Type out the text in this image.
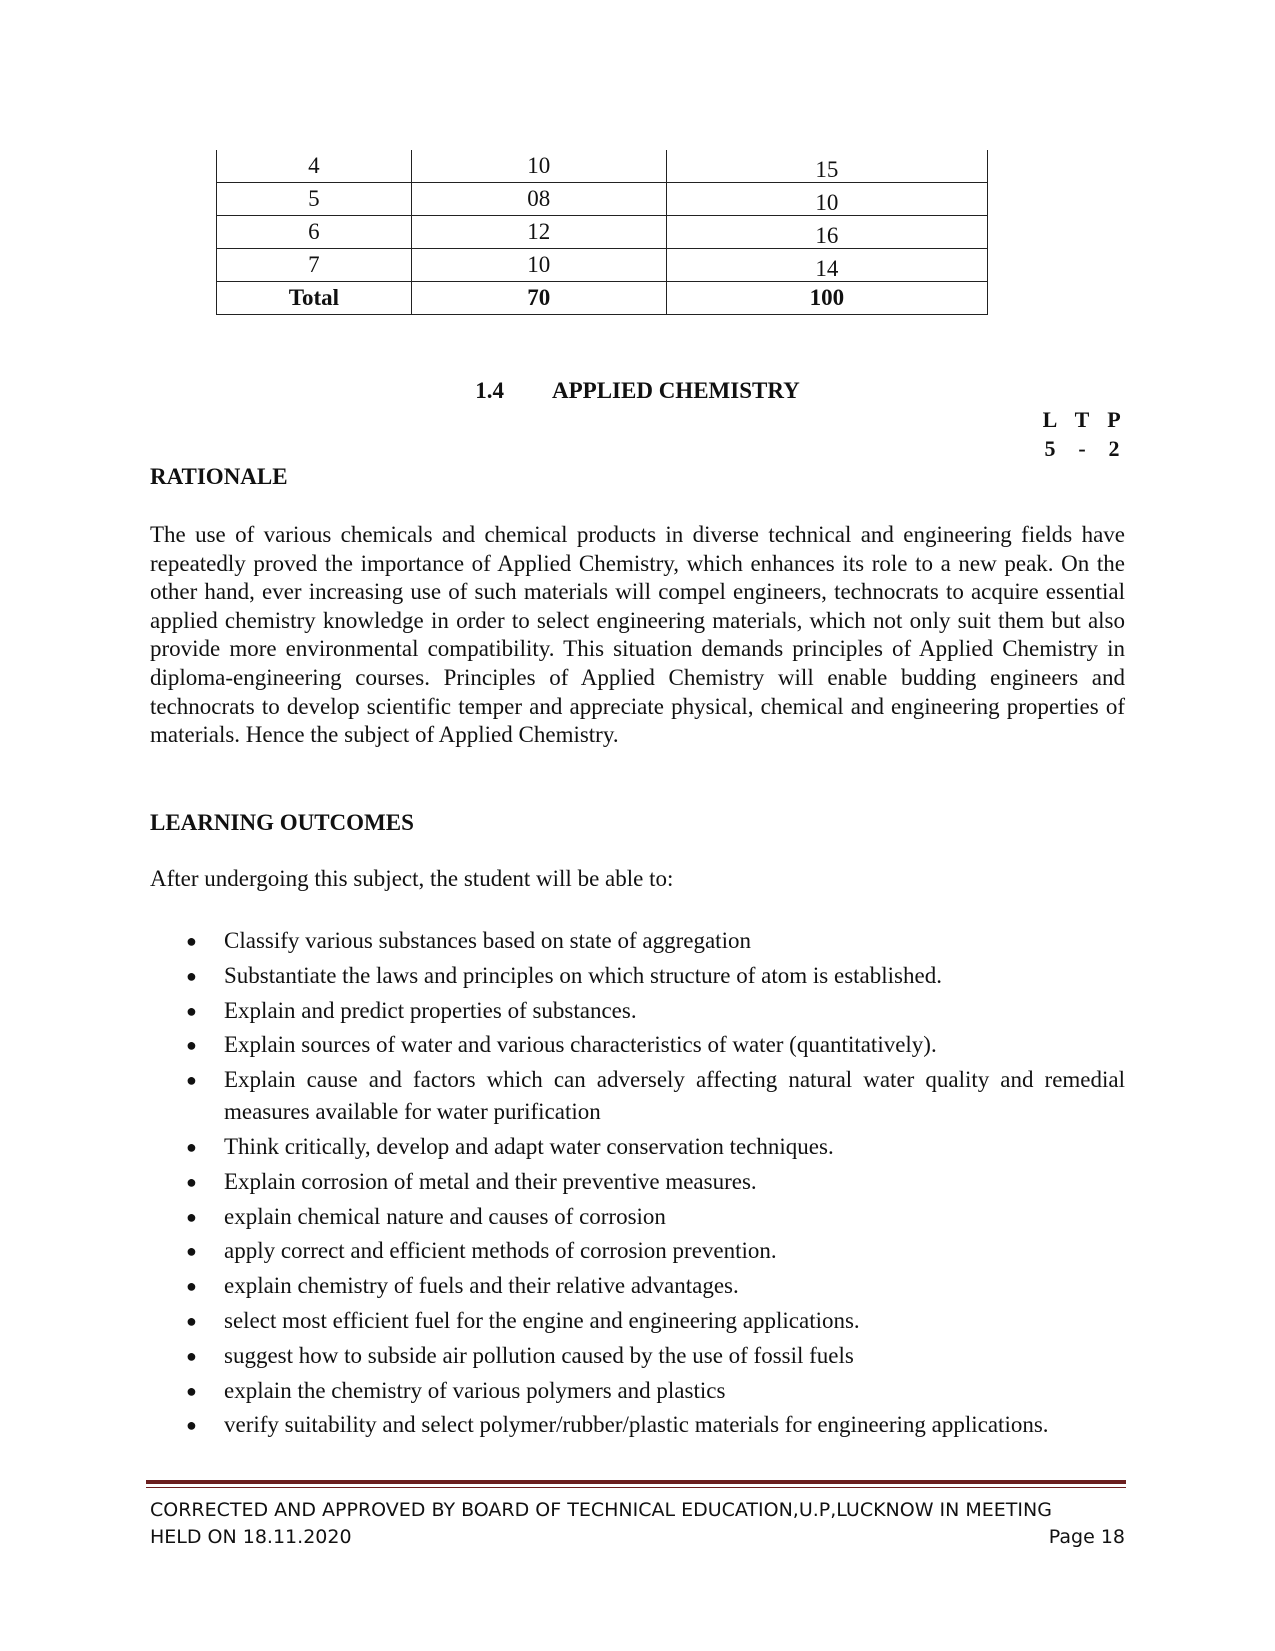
4	10	15
5	08	10
6	12	16
7	10	14
Total	70	100
1.4 APPLIED CHEMISTRY
L T P
5	-	2
RATIONALE

The use of various chemicals and chemical products in diverse technical and engineering fields have repeatedly proved the importance of Applied Chemistry, which enhances its role to a new peak. On the other hand, ever increasing use of such materials will compel engineers, technocrats to acquire essential applied chemistry knowledge in order to select engineering materials, which not only suit them but also provide more environmental compatibility. This situation demands principles of Applied Chemistry in diploma-engineering courses. Principles of Applied Chemistry will enable budding engineers and technocrats to develop scientific temper and appreciate physical, chemical and engineering properties of materials. Hence the subject of Applied Chemistry.

LEARNING OUTCOMES
After undergoing this subject, the student will be able to:
● Classify various substances based on state of aggregation
● Substantiate the laws and principles on which structure of atom is established.
● Explain and predict properties of substances.
● Explain sources of water and various characteristics of water (quantitatively).
● Explain cause and factors which can adversely affecting natural water quality and remedial measures available for water purification
● Think critically, develop and adapt water conservation techniques.
● Explain corrosion of metal and their preventive measures.
● explain chemical nature and causes of corrosion
● apply correct and efficient methods of corrosion prevention.
● explain chemistry of fuels and their relative advantages.
● select most efficient fuel for the engine and engineering applications.
● suggest how to subside air pollution caused by the use of fossil fuels
● explain the chemistry of various polymers and plastics
● verify suitability and select polymer/rubber/plastic materials for engineering applications.
CORRECTED AND APPROVED BY BOARD OF TECHNICAL EDUCATION,U.P,LUCKNOW IN MEETING
HELD ON 18.11.2020	Page 18
